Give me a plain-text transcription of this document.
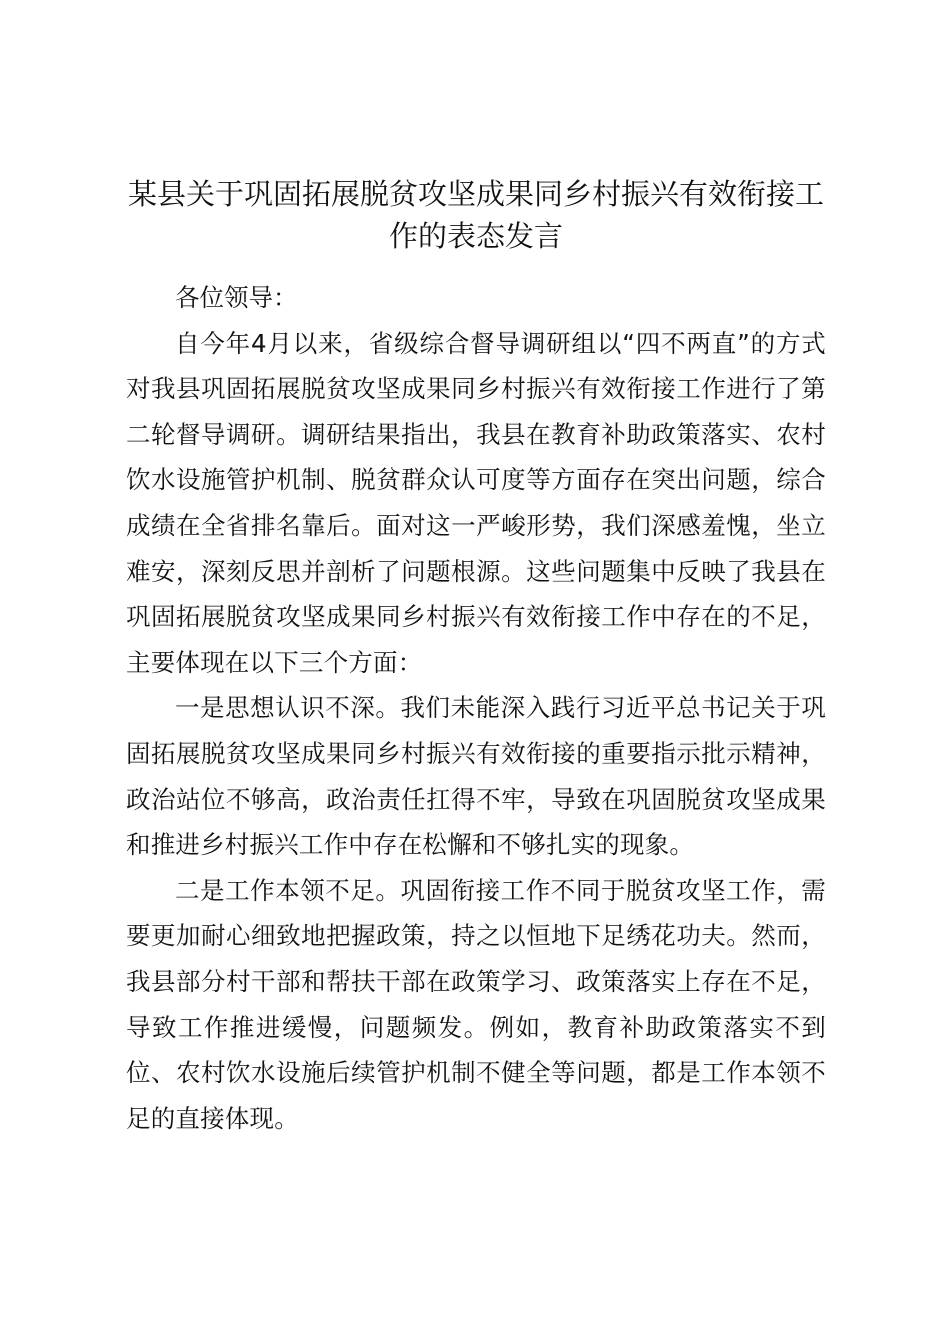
某县关于巩固拓展脱贫攻坚成果同乡村振兴有效衔接工作的表态发言

各位领导：

自今年4月以来，省级综合督导调研组以“四不两直”的方式对我县巩固拓展脱贫攻坚成果同乡村振兴有效衔接工作进行了第二轮督导调研。调研结果指出，我县在教育补助政策落实、农村饮水设施管护机制、脱贫群众认可度等方面存在突出问题，综合成绩在全省排名靠后。面对这一严峻形势，我们深感羞愧，坐立难安，深刻反思并剖析了问题根源。这些问题集中反映了我县在巩固拓展脱贫攻坚成果同乡村振兴有效衔接工作中存在的不足，主要体现在以下三个方面：

一是思想认识不深。我们未能深入践行习近平总书记关于巩固拓展脱贫攻坚成果同乡村振兴有效衔接的重要指示批示精神，政治站位不够高，政治责任扛得不牢，导致在巩固脱贫攻坚成果和推进乡村振兴工作中存在松懈和不够扎实的现象。

二是工作本领不足。巩固衔接工作不同于脱贫攻坚工作，需要更加耐心细致地把握政策，持之以恒地下足绣花功夫。然而，我县部分村干部和帮扶干部在政策学习、政策落实上存在不足，导致工作推进缓慢，问题频发。例如，教育补助政策落实不到位、农村饮水设施后续管护机制不健全等问题，都是工作本领不足的直接体现。
